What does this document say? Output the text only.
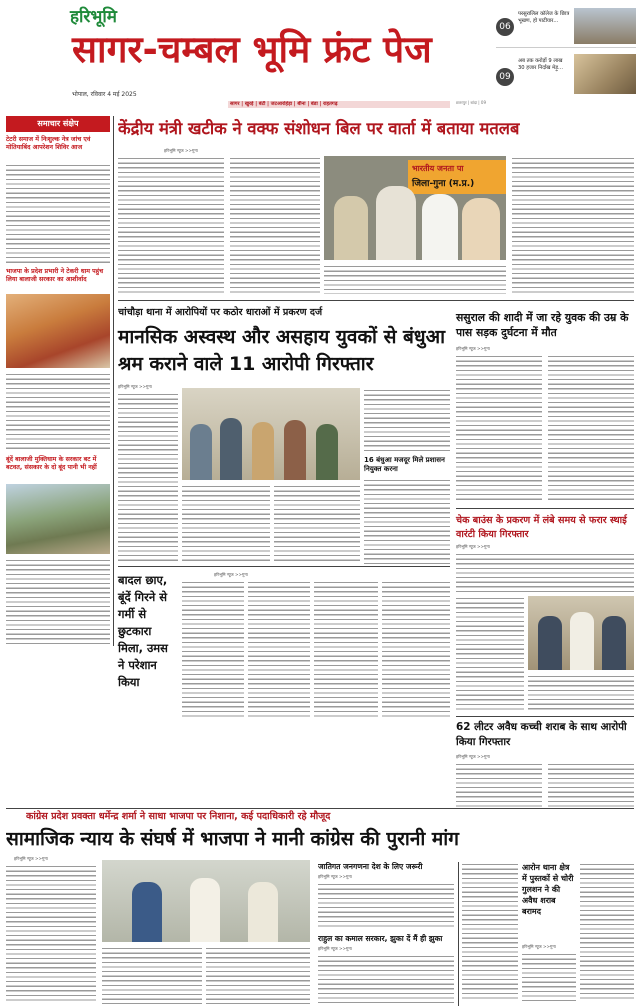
हरिभूमि
सागर-चम्बल भूमि फ्रंट पेज
भोपाल, रविवार 4 मई 2025
सागर | खुरई | बंटी | जटआरोहेड़ा | बीना | बंडा | राहतगढ़	छतरपुर | बांदा | 09
06
परसुरालिल कॉलेज के छाित्र भूखण, हो पाटीयार...
09
अब तक करोड़ों 9 लाख 30 हजार निर्दाख मेड़ु...
समाचार संक्षेप
टेटरी समाज में निःशुल्क नेत्र जांच एवं मोतियाबिंद आपरेशन शिविर आज
भाजपा के प्रदेश प्रभारी ने टेकरी धाम पहुंच लिया बालाजी सरकार का आशीर्वाद
बूंदें बालाजी मुक्तिधाम के सरकार बट में बटवत, संसकार के दो बूंद पानी भी नहीं
केंद्रीय मंत्री खटीक ने वक्फ संशोधन बिल पर वार्ता में बताया मतलब
हरिभूमि न्यूज >>गुना
भारतीय जनता पा
जिला-गुना (म.प्र.)
चांचौड़ा थाना में आरोपियों पर कठोर धाराओं में प्रकरण दर्ज
मानसिक अस्वस्थ और असहाय युवकों से बंधुआ श्रम कराने वाले 11 आरोपी गिरफ्तार
हरिभूमि न्यूज >>गुना
16 बंधुआ मजदूर मिले प्रशासन नियुक्त करना
बादल छाए, बूंदें गिरने से गर्मी से छुटकारा मिला, उमस ने परेशान किया
हरिभूमि न्यूज >>गुना
ससुराल की शादी में जा रहे युवक की उम्र के पास सड़क दुर्घटना में मौत
हरिभूमि न्यूज >>गुना
चेक बाउंस के प्रकरण में लंबे समय से फरार स्थाई वारंटी किया गिरफ्तार
हरिभूमि न्यूज >>गुना
62 लीटर अवैध कच्ची शराब के साथ आरोपी किया गिरफ्तार
हरिभूमि न्यूज >>गुना
कांग्रेस प्रदेश प्रवक्ता धर्मेन्द्र शर्मा ने साधा भाजपा पर निशाना, कई पदाधिकारी रहे मौजूद
सामाजिक न्याय के संघर्ष में भाजपा ने मानी कांग्रेस की पुरानी मांग
हरिभूमि न्यूज >>गुना
जातिगत जनगणना देश के लिए जरूरी
हरिभूमि न्यूज >>गुना
राहुल का कमाल सरकार, झुका दें मैं ही झुका
हरिभूमि न्यूज >>गुना
आरोन थाना क्षेत्र में पुस्तकों से चोरी गुलशन ने की अवैध शराब बरामद
हरिभूमि न्यूज >>गुना
